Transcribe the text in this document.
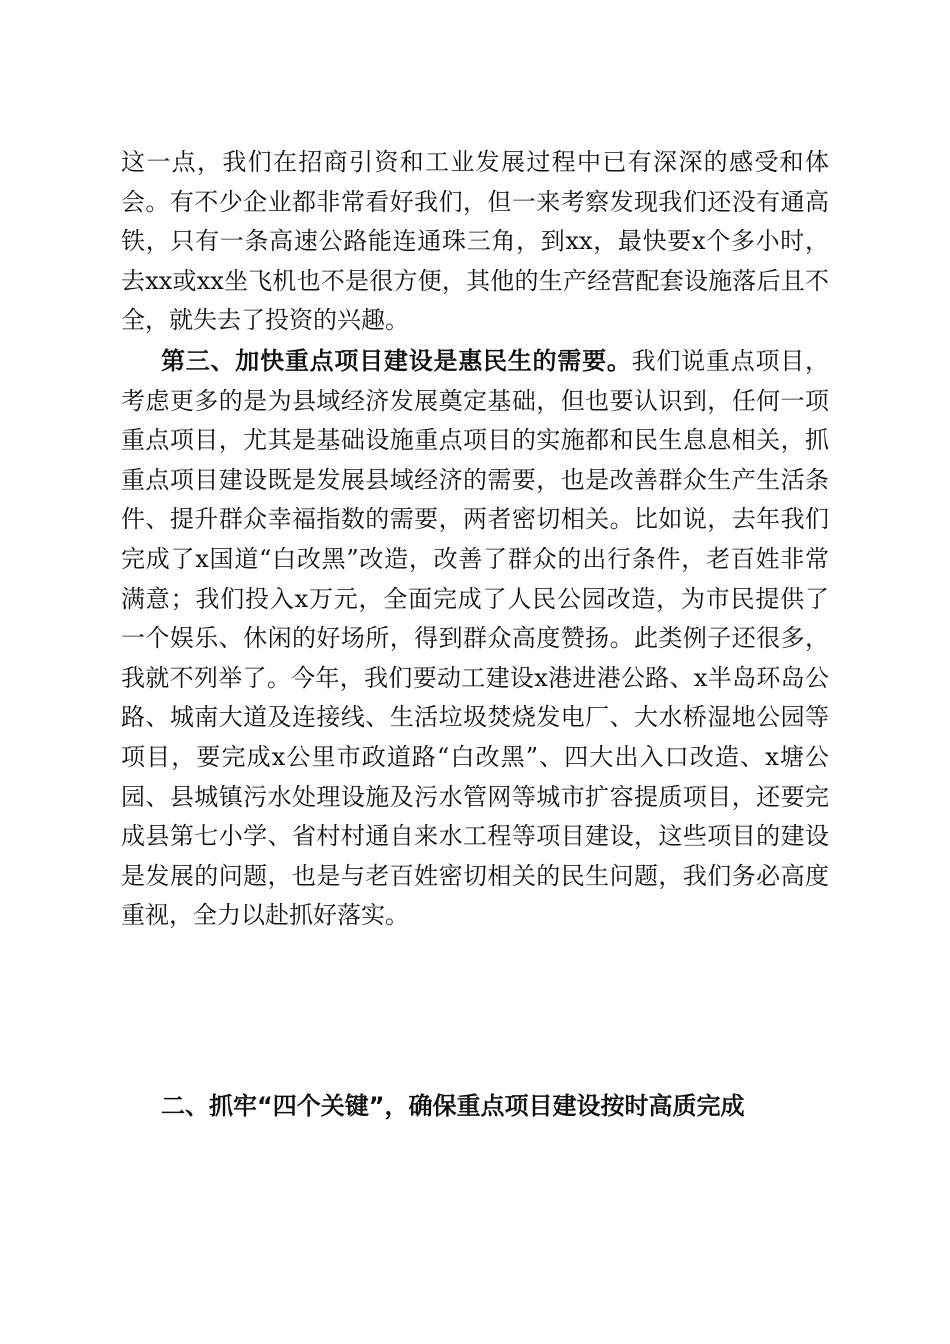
这一点，我们在招商引资和工业发展过程中已有深深的感受和体会。有不少企业都非常看好我们，但一来考察发现我们还没有通高铁，只有一条高速公路能连通珠三角，到xx，最快要x个多小时，去xx或xx坐飞机也不是很方便，其他的生产经营配套设施落后且不全，就失去了投资的兴趣。

第三、加快重点项目建设是惠民生的需要。我们说重点项目，考虑更多的是为县域经济发展奠定基础，但也要认识到，任何一项重点项目，尤其是基础设施重点项目的实施都和民生息息相关，抓重点项目建设既是发展县域经济的需要，也是改善群众生产生活条件、提升群众幸福指数的需要，两者密切相关。比如说，去年我们完成了x国道“白改黑”改造，改善了群众的出行条件，老百姓非常满意；我们投入x万元，全面完成了人民公园改造，为市民提供了一个娱乐、休闲的好场所，得到群众高度赞扬。此类例子还很多，我就不列举了。今年，我们要动工建设x港进港公路、x半岛环岛公路、城南大道及连接线、生活垃圾焚烧发电厂、大水桥湿地公园等项目，要完成x公里市政道路“白改黑”、四大出入口改造、x塘公园、县城镇污水处理设施及污水管网等城市扩容提质项目，还要完成县第七小学、省村村通自来水工程等项目建设，这些项目的建设是发展的问题，也是与老百姓密切相关的民生问题，我们务必高度重视，全力以赴抓好落实。

二、抓牢“四个关键”，确保重点项目建设按时高质完成
